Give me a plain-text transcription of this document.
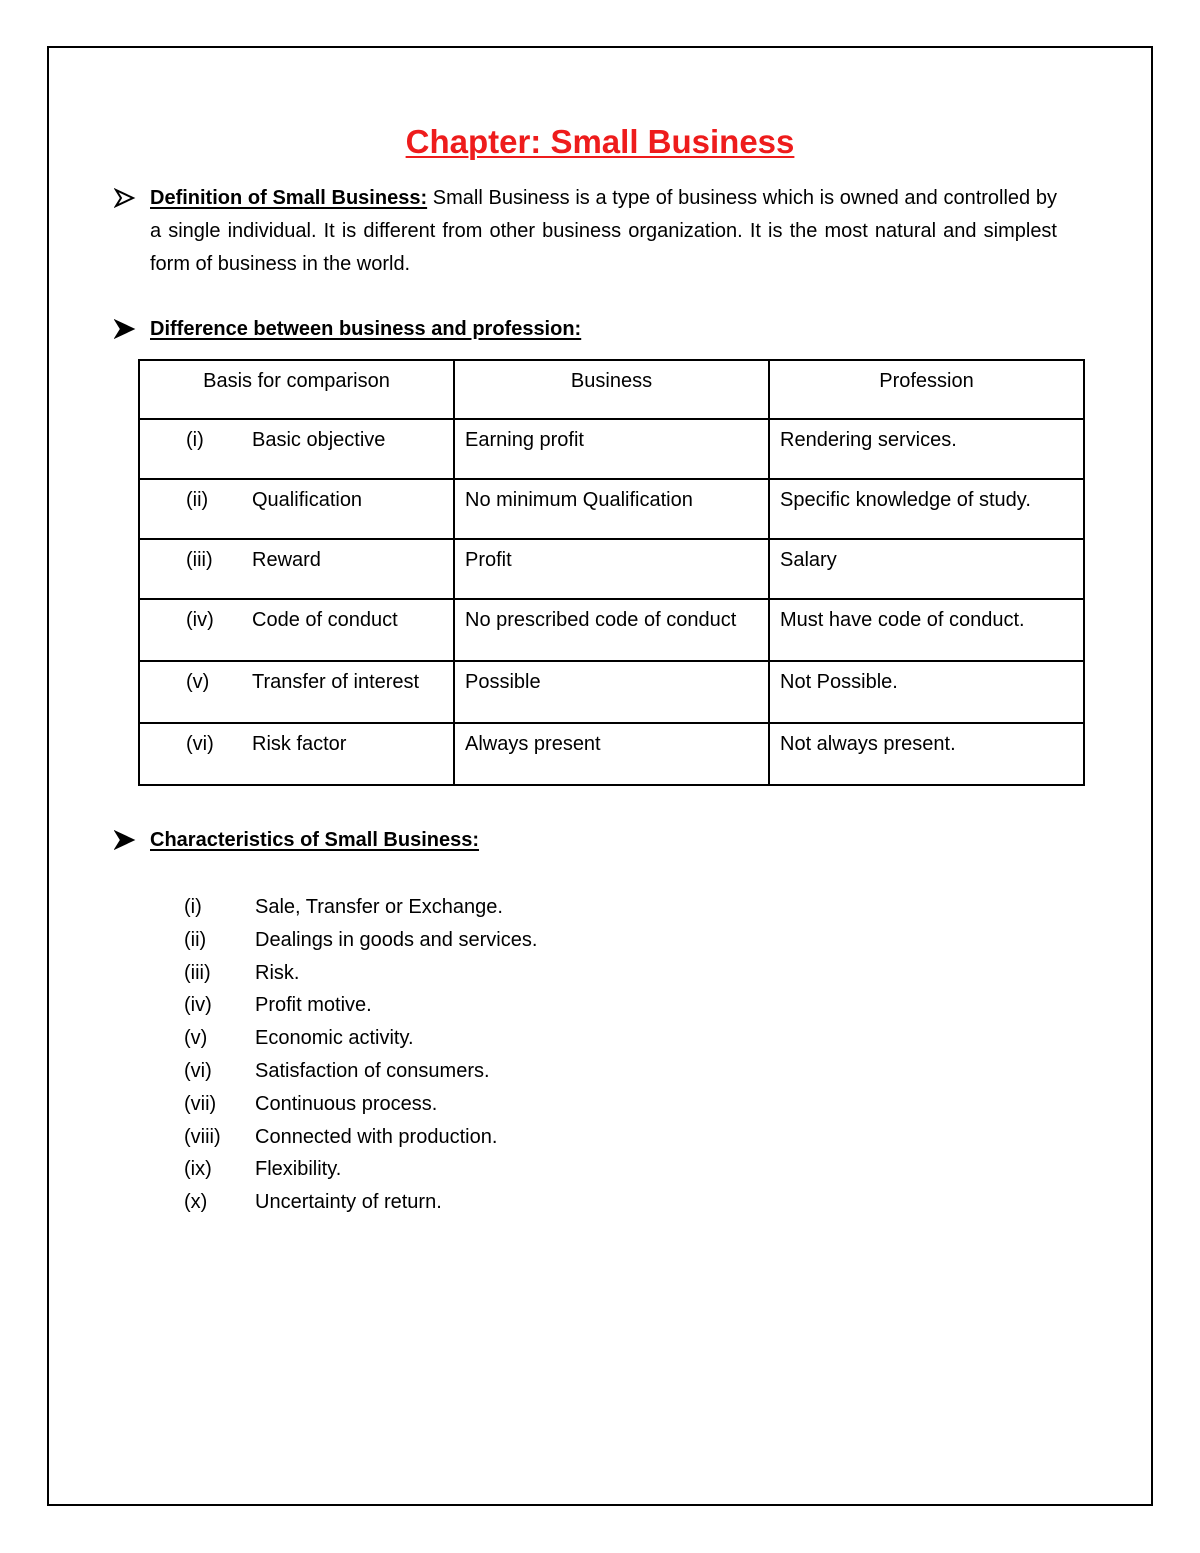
Chapter: Small Business
Definition of Small Business: Small Business is a type of business which is owned and controlled by a single individual. It is different from other business organization. It is the most natural and simplest form of business in the world.
Difference between business and profession:
Basis for comparison	Business	Profession

(i) Basic objective	Earning profit	Rendering services.

(ii) Qualification	No minimum Qualification	Specific knowledge of study.

(iii) Reward	Profit	Salary

(iv) Code of conduct	No prescribed code of conduct	Must have code of conduct.

(v) Transfer of interest	Possible	Not Possible.

(vi) Risk factor	Always present	Not always present.
Characteristics of Small Business:
(i)	Sale, Transfer or Exchange.
(ii)	Dealings in goods and services.
(iii)	Risk.
(iv)	Profit motive.
(v)	Economic activity.
(vi)	Satisfaction of consumers.
(vii)	Continuous process.
(viii)	Connected with production.
(ix)	Flexibility.
(x)	Uncertainty of return.
